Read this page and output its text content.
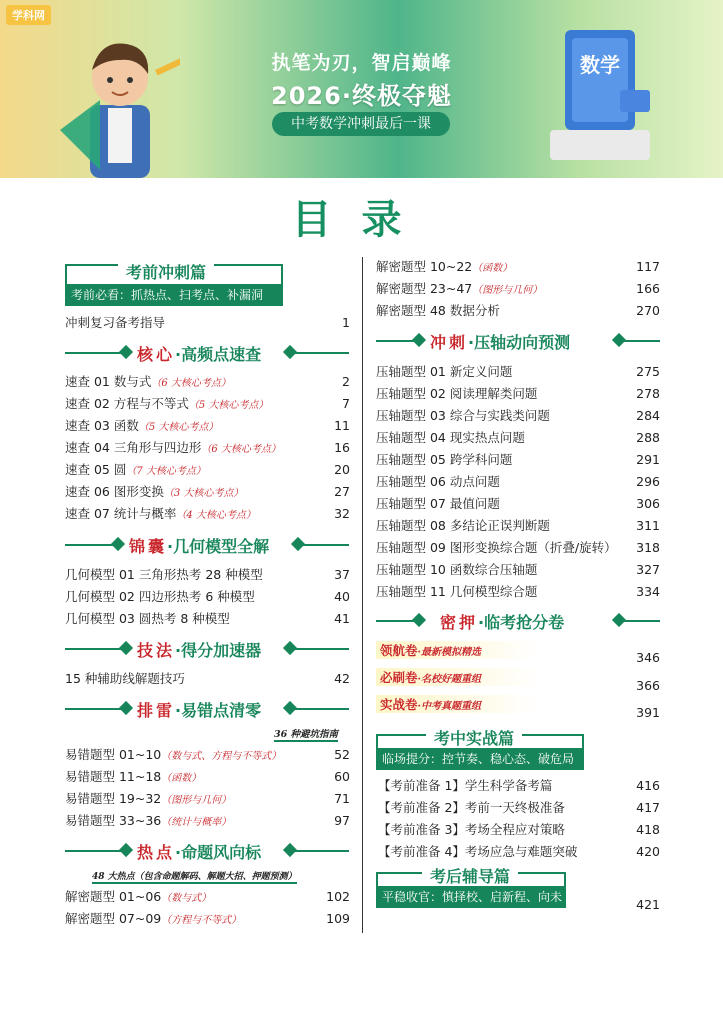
学科网
数学
执笔为刃，智启巅峰
2026·终极夺魁
中考数学冲刺最后一课
目录
考前冲刺篇
考前必看：抓热点、扫考点、补漏洞
冲刺复习备考指导	1
核心·高频点速查
速查 01 数与式（6 大核心考点）	2
速查 02 方程与不等式（5 大核心考点）	7
速查 03 函数（5 大核心考点）	11
速查 04 三角形与四边形（6 大核心考点）	16
速查 05 圆（7 大核心考点）	20
速查 06 图形变换（3 大核心考点）	27
速查 07 统计与概率（4 大核心考点）	32
锦囊·几何模型全解
几何模型 01 三角形热考 28 种模型	37
几何模型 02 四边形热考 6 种模型	40
几何模型 03 圆热考 8 种模型	41
技法·得分加速器
15 种辅助线解题技巧	42
排雷·易错点清零
36 种避坑指南
易错题型 01~10（数与式、方程与不等式）	52
易错题型 11~18（函数）	60
易错题型 19~32（图形与几何）	71
易错题型 33~36（统计与概率）	97
热点·命题风向标
48 大热点（包含命题解码、解题大招、押题预测）
解密题型 01~06（数与式）	102
解密题型 07~09（方程与不等式）	109
解密题型 10~22（函数）	117
解密题型 23~47（图形与几何）	166
解密题型 48 数据分析	270
冲刺·压轴动向预测
压轴题型 01 新定义问题	275
压轴题型 02 阅读理解类问题	278
压轴题型 03 综合与实践类问题	284
压轴题型 04 现实热点问题	288
压轴题型 05 跨学科问题	291
压轴题型 06 动点问题	296
压轴题型 07 最值问题	306
压轴题型 08 多结论正误判断题	311
压轴题型 09 图形变换综合题（折叠/旋转） 318
压轴题型 10 函数综合压轴题	327
压轴题型 11 几何模型综合题	334
密押·临考抢分卷
领航卷·最新模拟精选	346
必刷卷·名校好题重组	366
实战卷·中考真题重组	391
考中实战篇
临场提分：控节奏、稳心态、破危局
【考前准备 1】学生科学备考篇	416
【考前准备 2】考前一天终极准备	417
【考前准备 3】考场全程应对策略	418
【考前准备 4】考场应急与难题突破	420
考后辅导篇
平稳收官：慎择校、启新程、向未来
421
